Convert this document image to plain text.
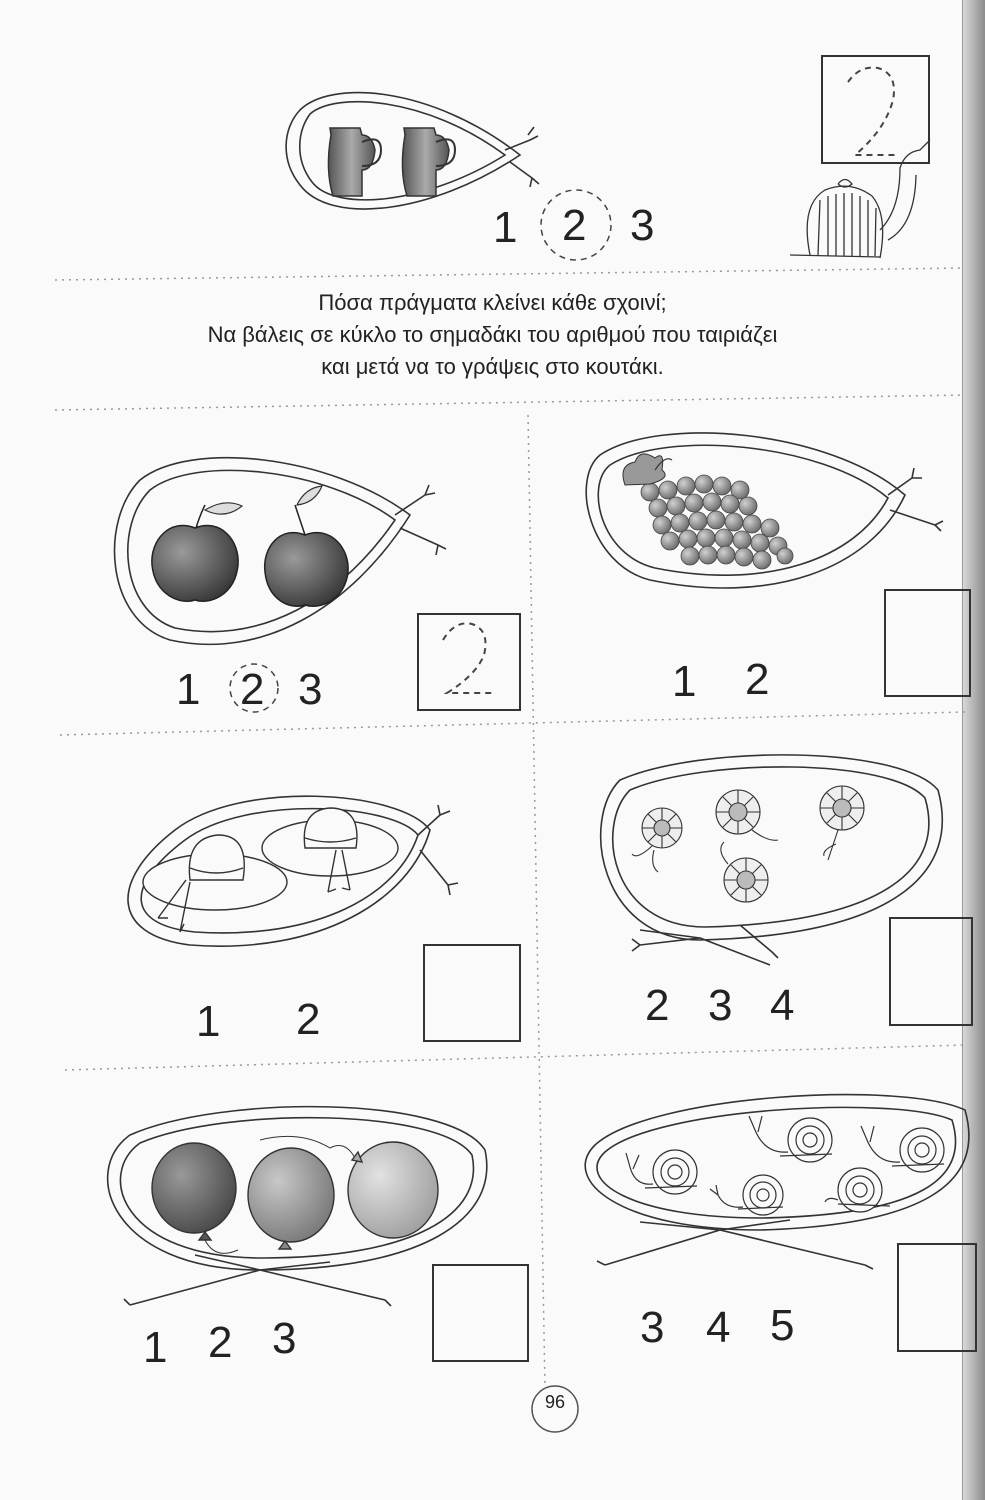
Πόσα πράγματα κλείνει κάθε σχοινί;
Να βάλεις σε κύκλο το σημαδάκι του αριθμού που ταιριάζει
και μετά να το γράψεις στο κουτάκι.
1 2 3
1 2 3	1 2
1 2	2 3 4
1 2 3	3 4 5
96
